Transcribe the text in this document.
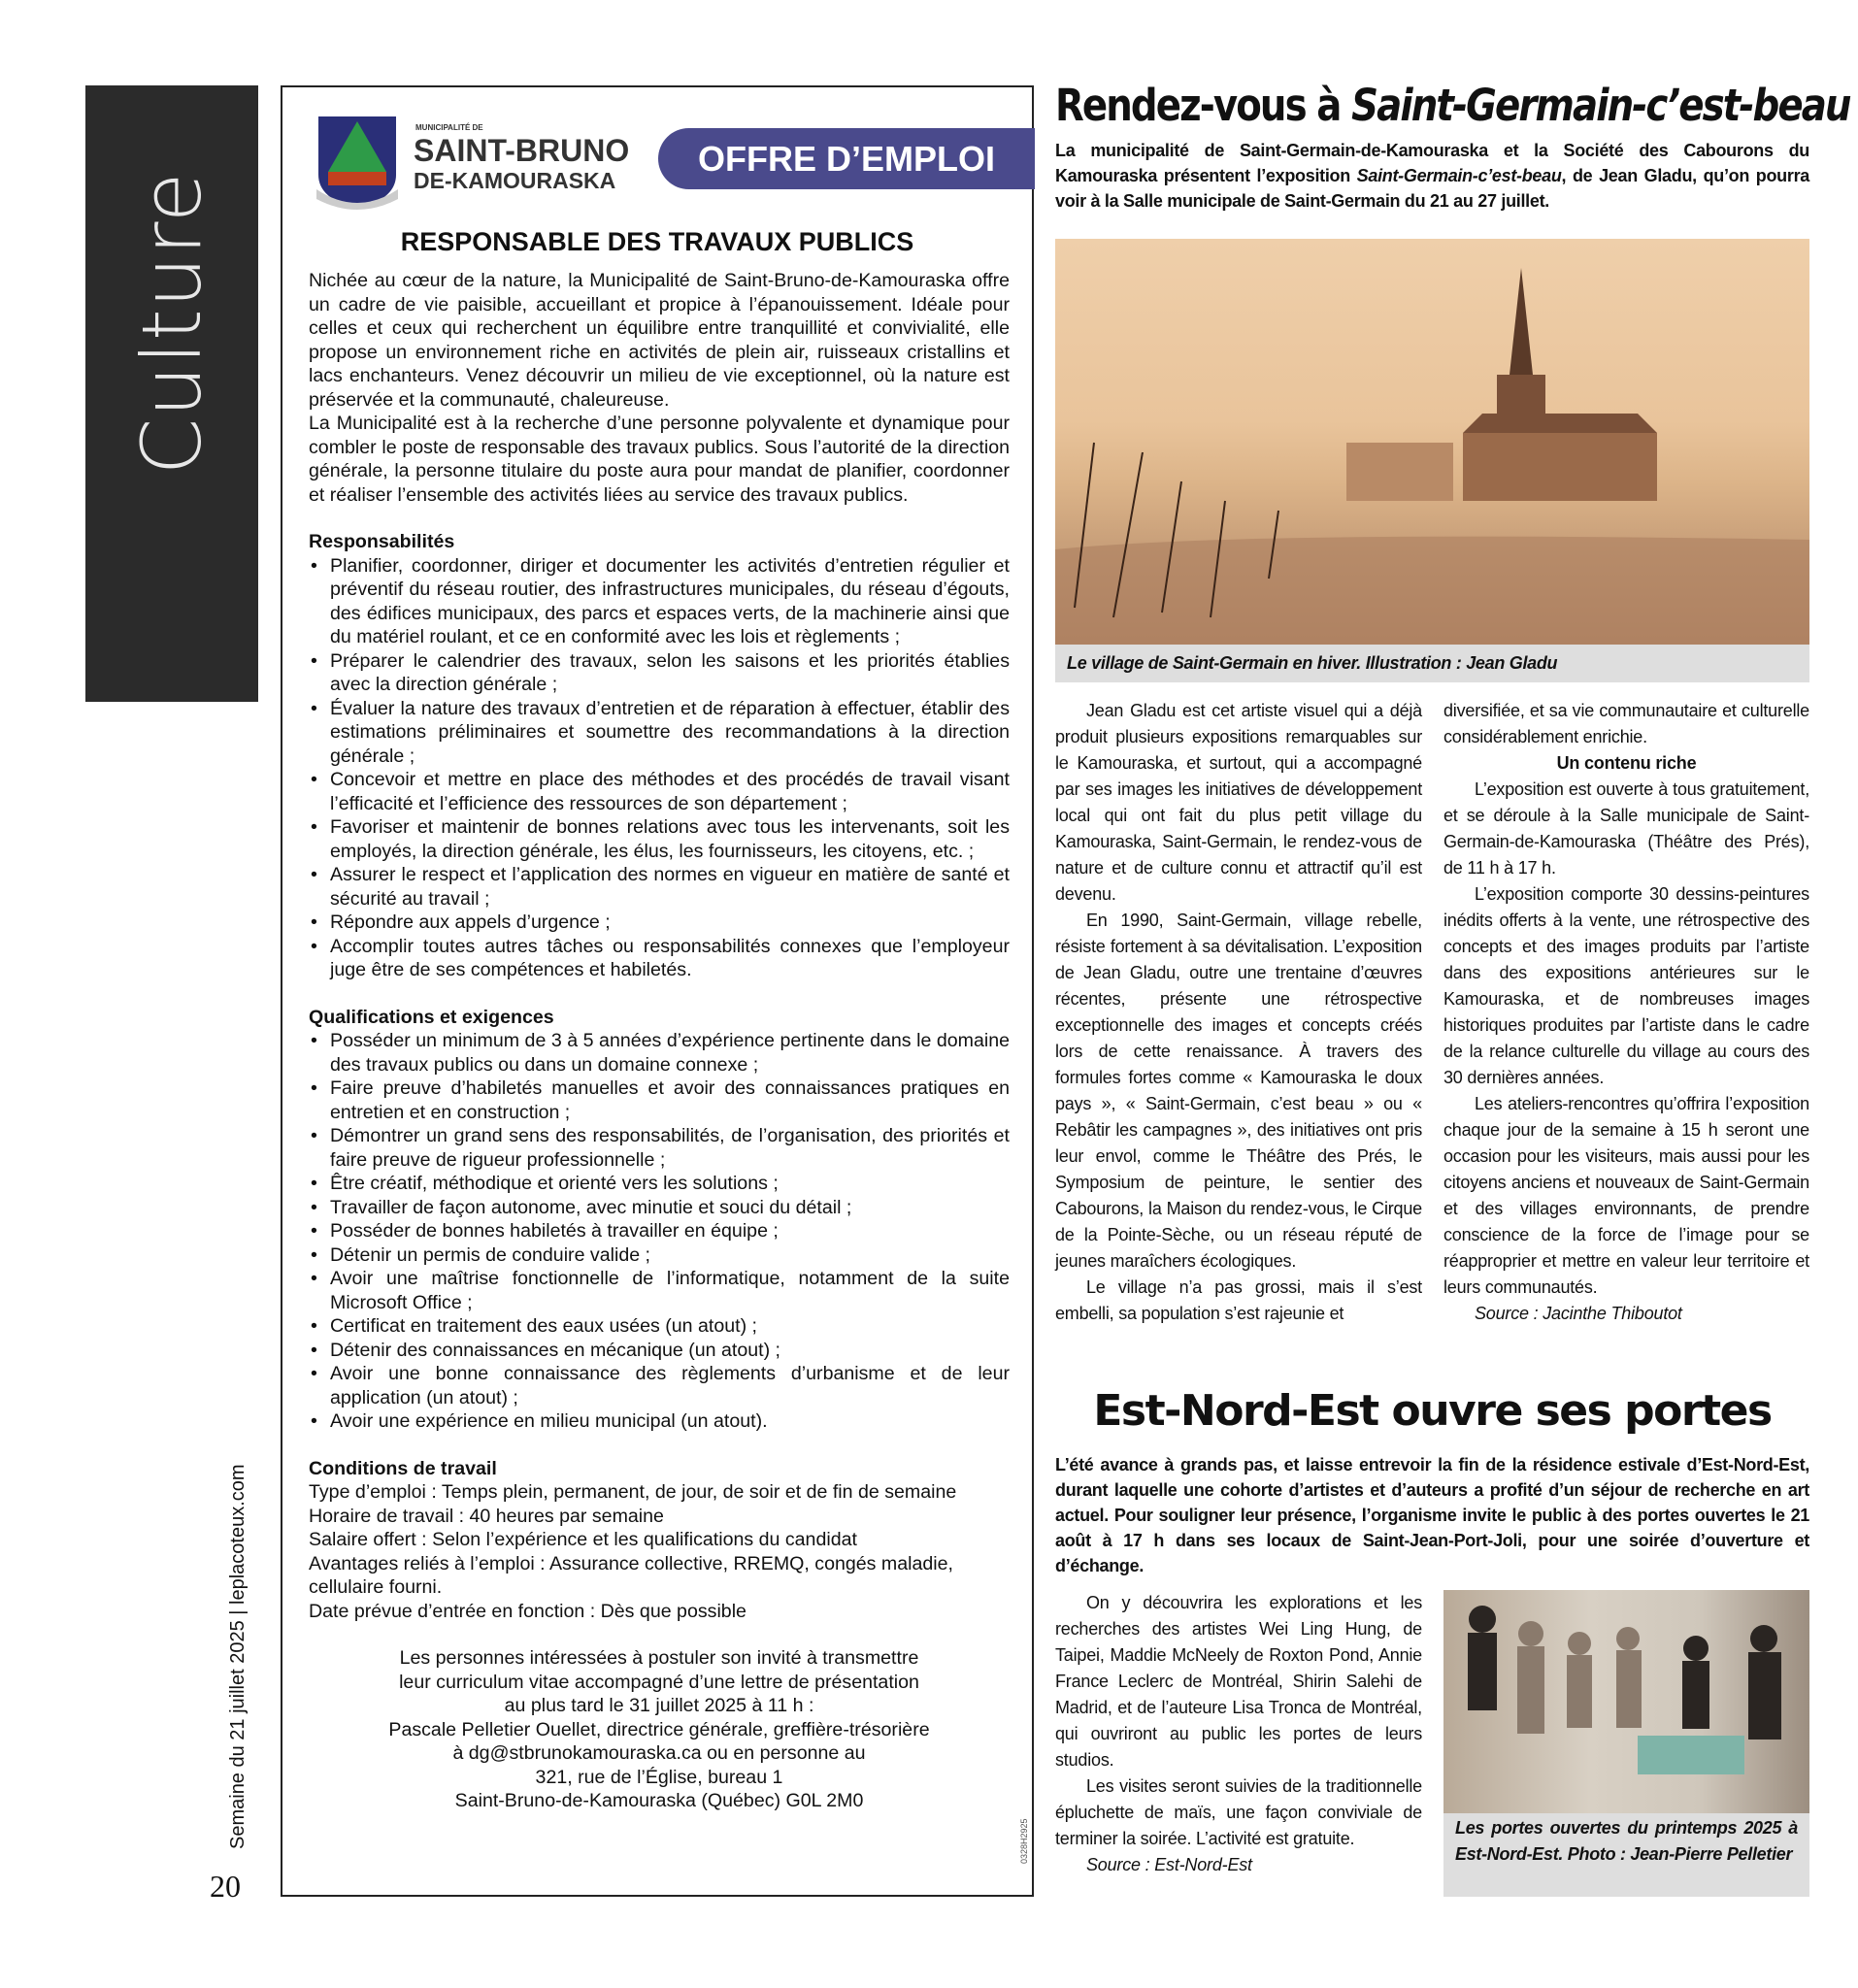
Culture
Semaine du 21 juillet 2025 | leplacoteux.com
20
MUNICIPALITÉ DE
SAINT-BRUNO
DE-KAMOURASKA
OFFRE D’EMPLOI
RESPONSABLE DES TRAVAUX PUBLICS

Nichée au cœur de la nature, la Municipalité de Saint-Bruno-de-Kamouraska offre un cadre de vie paisible, accueillant et propice à l’épanouissement. Idéale pour celles et ceux qui recherchent un équilibre entre tranquillité et convivialité, elle propose un environnement riche en activités de plein air, ruisseaux cristallins et lacs enchanteurs. Venez découvrir un milieu de vie exceptionnel, où la nature est préservée et la communauté, chaleureuse.

La Municipalité est à la recherche d’une personne polyvalente et dynamique pour combler le poste de responsable des travaux publics. Sous l’autorité de la direction générale, la personne titulaire du poste aura pour mandat de planifier, coordonner et réaliser l’ensemble des activités liées au service des travaux publics.

Responsabilités
• Planifier, coordonner, diriger et documenter les activités d’entretien régulier et préventif du réseau routier, des infrastructures municipales, du réseau d’égouts, des édifices municipaux, des parcs et espaces verts, de la machinerie ainsi que du matériel roulant, et ce en conformité avec les lois et règlements ;
• Préparer le calendrier des travaux, selon les saisons et les priorités établies avec la direction générale ;
• Évaluer la nature des travaux d’entretien et de réparation à effectuer, établir des estimations préliminaires et soumettre des recommandations à la direction générale ;
• Concevoir et mettre en place des méthodes et des procédés de travail visant l’efficacité et l’efficience des ressources de son département ;
• Favoriser et maintenir de bonnes relations avec tous les intervenants, soit les employés, la direction générale, les élus, les fournisseurs, les citoyens, etc. ;
• Assurer le respect et l’application des normes en vigueur en matière de santé et sécurité au travail ;
• Répondre aux appels d’urgence ;
• Accomplir toutes autres tâches ou responsabilités connexes que l’employeur juge être de ses compétences et habiletés.
Qualifications et exigences
• Posséder un minimum de 3 à 5 années d’expérience pertinente dans le domaine des travaux publics ou dans un domaine connexe ;
• Faire preuve d’habiletés manuelles et avoir des connaissances pratiques en entretien et en construction ;
• Démontrer un grand sens des responsabilités, de l’organisation, des priorités et faire preuve de rigueur professionnelle ;
• Être créatif, méthodique et orienté vers les solutions ;
• Travailler de façon autonome, avec minutie et souci du détail ;
• Posséder de bonnes habiletés à travailler en équipe ;
• Détenir un permis de conduire valide ;
• Avoir une maîtrise fonctionnelle de l’informatique, notamment de la suite Microsoft Office ;
• Certificat en traitement des eaux usées (un atout) ;
• Détenir des connaissances en mécanique (un atout) ;
• Avoir une bonne connaissance des règlements d’urbanisme et de leur application (un atout) ;
• Avoir une expérience en milieu municipal (un atout).
Conditions de travail
Type d’emploi : Temps plein, permanent, de jour, de soir et de fin de semaine
Horaire de travail : 40 heures par semaine
Salaire offert : Selon l’expérience et les qualifications du candidat
Avantages reliés à l’emploi : Assurance collective, RREMQ, congés maladie, cellulaire fourni.
Date prévue d’entrée en fonction : Dès que possible
Les personnes intéressées à postuler son invité à transmettre
leur curriculum vitae accompagné d’une lettre de présentation
au plus tard le 31 juillet 2025 à 11 h :
Pascale Pelletier Ouellet, directrice générale, greffière-trésorière
à dg@stbrunokamouraska.ca ou en personne au
321, rue de l’Église, bureau 1
Saint-Bruno-de-Kamouraska (Québec) G0L 2M0
0328H2925
Rendez-vous à Saint-Germain-c’est-beau
La municipalité de Saint-Germain-de-Kamouraska et la Société des Cabourons du Kamouraska présentent l’exposition Saint-Germain-c’est-beau, de Jean Gladu, qu’on pourra voir à la Salle municipale de Saint-Germain du 21 au 27 juillet.
Le village de Saint-Germain en hiver. Illustration : Jean Gladu

Jean Gladu est cet artiste visuel qui a déjà produit plusieurs expositions remarquables sur le Kamouraska, et surtout, qui a accompagné par ses images les initiatives de développement local qui ont fait du plus petit village du Kamouraska, Saint-Germain, le rendez-vous de nature et de culture connu et attractif qu’il est devenu.

En 1990, Saint-Germain, village rebelle, résiste fortement à sa dévitalisation. L’exposition de Jean Gladu, outre une trentaine d’œuvres récentes, présente une rétrospective exceptionnelle des images et concepts créés lors de cette renaissance. À travers des formules fortes comme « Kamouraska le doux pays », « Saint-Germain, c’est beau » ou « Rebâtir les campagnes », des initiatives ont pris leur envol, comme le Théâtre des Prés, le Symposium de peinture, le sentier des Cabourons, la Maison du rendez-vous, le Cirque de la Pointe-Sèche, ou un réseau réputé de jeunes maraîchers écologiques.

Le village n’a pas grossi, mais il s’est embelli, sa population s’est rajeunie et

diversifiée, et sa vie communautaire et culturelle considérablement enrichie.

Un contenu riche

L’exposition est ouverte à tous gratuitement, et se déroule à la Salle municipale de Saint-Germain-de-Kamouraska (Théâtre des Prés), de 11 h à 17 h.

L’exposition comporte 30 dessins-peintures inédits offerts à la vente, une rétrospective des concepts et des images produits par l’artiste dans des expositions antérieures sur le Kamouraska, et de nombreuses images historiques produites par l’artiste dans le cadre de la relance culturelle du village au cours des 30 dernières années.

Les ateliers-rencontres qu’offrira l’exposition chaque jour de la semaine à 15 h seront une occasion pour les visiteurs, mais aussi pour les citoyens anciens et nouveaux de Saint-Germain et des villages environnants, de prendre conscience de la force de l’image pour se réapproprier et mettre en valeur leur territoire et leurs communautés.

Source : Jacinthe Thiboutot

Est-Nord-Est ouvre ses portes
L’été avance à grands pas, et laisse entrevoir la fin de la résidence estivale d’Est-Nord-Est, durant laquelle une cohorte d’artistes et d’auteurs a profité d’un séjour de recherche en art actuel. Pour souligner leur présence, l’organisme invite le public à des portes ouvertes le 21 août à 17 h dans ses locaux de Saint-Jean-Port-Joli, pour une soirée d’ouverture et d’échange.

On y découvrira les explorations et les recherches des artistes Wei Ling Hung, de Taipei, Maddie McNeely de Roxton Pond, Annie France Leclerc de Montréal, Shirin Salehi de Madrid, et de l’auteure Lisa Tronca de Montréal, qui ouvriront au public les portes de leurs studios.

Les visites seront suivies de la traditionnelle épluchette de maïs, une façon conviviale de terminer la soirée. L’activité est gratuite.

Source : Est-Nord-Est

Les portes ouvertes du printemps 2025 à Est-Nord-Est. Photo : Jean-Pierre Pelletier
